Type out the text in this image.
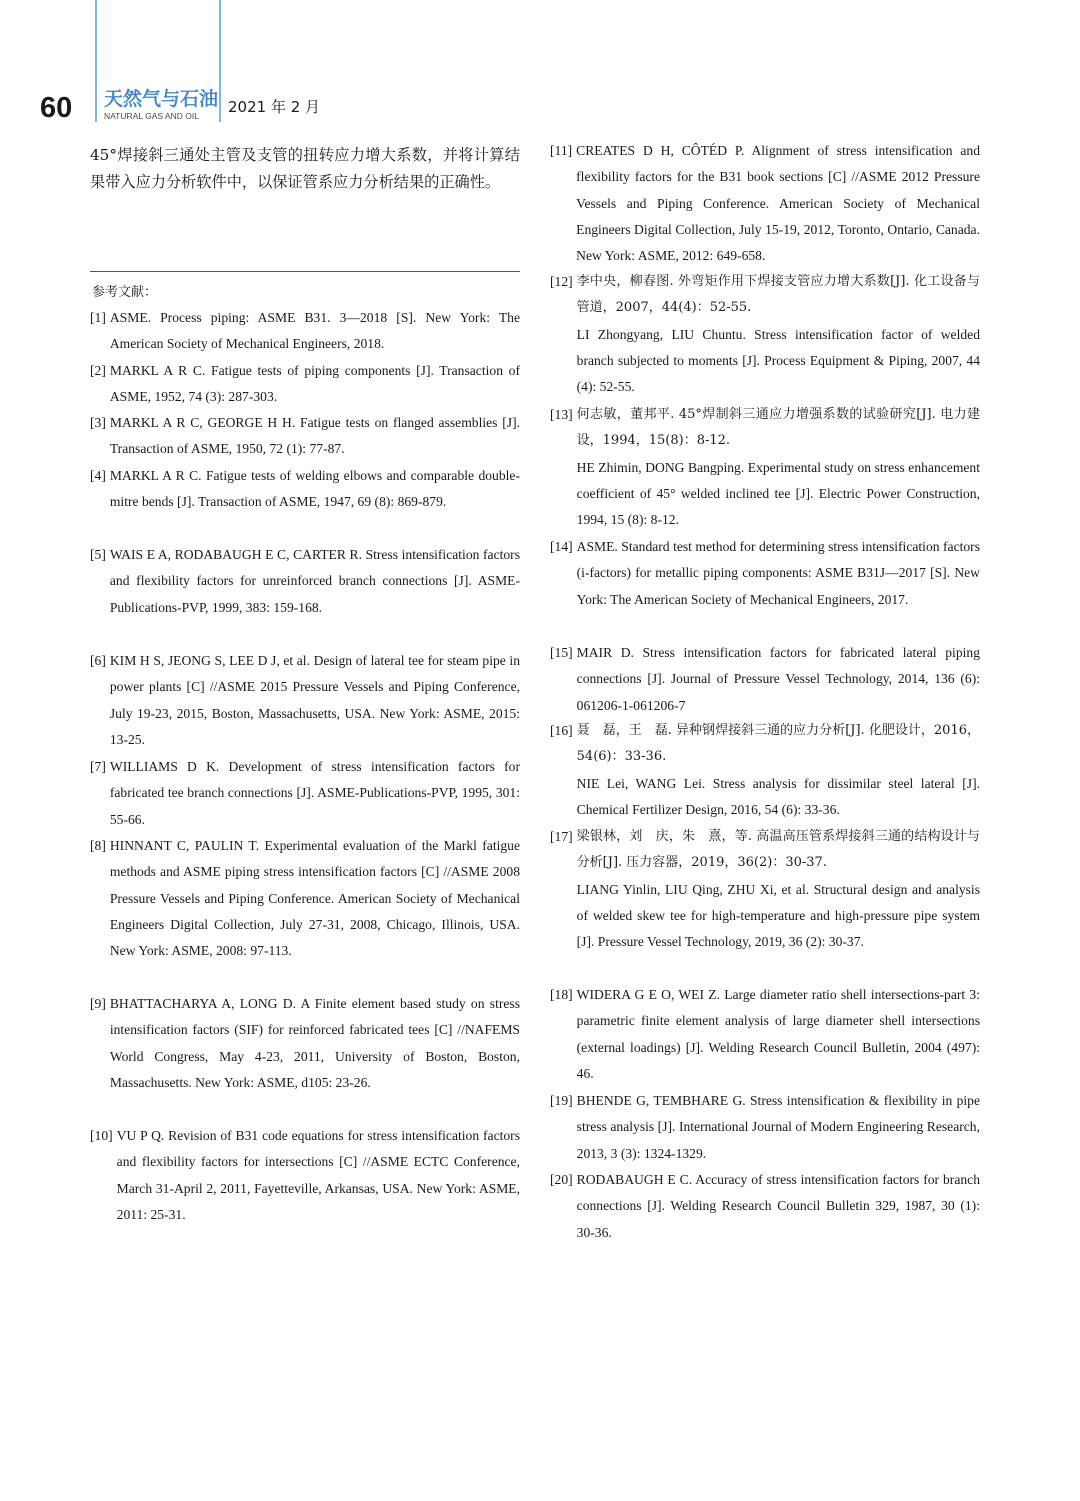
60 天然气与石油
NATURAL GAS AND OIL 2021 年 2 月

45°焊接斜三通处主管及支管的扭转应力增大系数，并将计算结果带入应力分析软件中，以保证管系应力分析结果的正确性。

参考文献：

[1] ASME. Process piping: ASME B31. 3—2018 [S]. New York: The American Society of Mechanical Engineers, 2018.
[2] MARKL A R C. Fatigue tests of piping components [J]. Transaction of ASME, 1952, 74 (3): 287-303.
[3] MARKL A R C, GEORGE H H. Fatigue tests on flanged assemblies [J]. Transaction of ASME, 1950, 72 (1): 77-87.
[4] MARKL A R C. Fatigue tests of welding elbows and comparable double-mitre bends [J]. Transaction of ASME, 1947, 69 (8): 869-879.
[5] WAIS E A, RODABAUGH E C, CARTER R. Stress intensification factors and flexibility factors for unreinforced branch connections [J]. ASME-Publications-PVP, 1999, 383: 159-168.
[6] KIM H S, JEONG S, LEE D J, et al. Design of lateral tee for steam pipe in power plants [C] //ASME 2015 Pressure Vessels and Piping Conference, July 19-23, 2015, Boston, Massachusetts, USA. New York: ASME, 2015: 13-25.
[7] WILLIAMS D K. Development of stress intensification factors for fabricated tee branch connections [J]. ASME-Publications-PVP, 1995, 301: 55-66.
[8] HINNANT C, PAULIN T. Experimental evaluation of the Markl fatigue methods and ASME piping stress intensification factors [C] //ASME 2008 Pressure Vessels and Piping Conference. American Society of Mechanical Engineers Digital Collection, July 27-31, 2008, Chicago, Illinois, USA. New York: ASME, 2008: 97-113.
[9] BHATTACHARYA A, LONG D. A Finite element based study on stress intensification factors (SIF) for reinforced fabricated tees [C] //NAFEMS World Congress, May 4-23, 2011, University of Boston, Boston, Massachusetts. New York: ASME, d105: 23-26.
[10] VU P Q. Revision of B31 code equations for stress intensification factors and flexibility factors for intersections [C] //ASME ECTC Conference, March 31-April 2, 2011, Fayetteville, Arkansas, USA. New York: ASME, 2011: 25-31.
[11] CREATES D H, CÔTÉD P. Alignment of stress intensification and flexibility factors for the B31 book sections [C] //ASME 2012 Pressure Vessels and Piping Conference. American Society of Mechanical Engineers Digital Collection, July 15-19, 2012, Toronto, Ontario, Canada. New York: ASME, 2012: 649-658.
[12] 李中央，柳春图. 外弯矩作用下焊接支管应力增大系数[J]. 化工设备与管道，2007，44(4)：52-55.
LI Zhongyang, LIU Chuntu. Stress intensification factor of welded branch subjected to moments [J]. Process Equipment & Piping, 2007, 44 (4): 52-55.
[13] 何志敏，董邦平. 45°焊制斜三通应力增强系数的试验研究[J]. 电力建设，1994，15(8)：8-12.
HE Zhimin, DONG Bangping. Experimental study on stress enhancement coefficient of 45° welded inclined tee [J]. Electric Power Construction, 1994, 15 (8): 8-12.
[14] ASME. Standard test method for determining stress intensification factors (i-factors) for metallic piping components: ASME B31J—2017 [S]. New York: The American Society of Mechanical Engineers, 2017.
[15] MAIR D. Stress intensification factors for fabricated lateral piping connections [J]. Journal of Pressure Vessel Technology, 2014, 136 (6): 061206-1-061206-7
[16] 聂　磊，王　磊. 异种钢焊接斜三通的应力分析[J]. 化肥设计，2016，54(6)：33-36.
NIE Lei, WANG Lei. Stress analysis for dissimilar steel lateral [J]. Chemical Fertilizer Design, 2016, 54 (6): 33-36.
[17] 梁银林，刘　庆，朱　熹，等. 高温高压管系焊接斜三通的结构设计与分析[J]. 压力容器，2019，36(2)：30-37.
LIANG Yinlin, LIU Qing, ZHU Xi, et al. Structural design and analysis of welded skew tee for high-temperature and high-pressure pipe system [J]. Pressure Vessel Technology, 2019, 36 (2): 30-37.
[18] WIDERA G E O, WEI Z. Large diameter ratio shell intersections-part 3: parametric finite element analysis of large diameter shell intersections (external loadings) [J]. Welding Research Council Bulletin, 2004 (497): 46.
[19] BHENDE G, TEMBHARE G. Stress intensification & flexibility in pipe stress analysis [J]. International Journal of Modern Engineering Research, 2013, 3 (3): 1324-1329.
[20] RODABAUGH E C. Accuracy of stress intensification factors for branch connections [J]. Welding Research Council Bulletin 329, 1987, 30 (1): 30-36.
